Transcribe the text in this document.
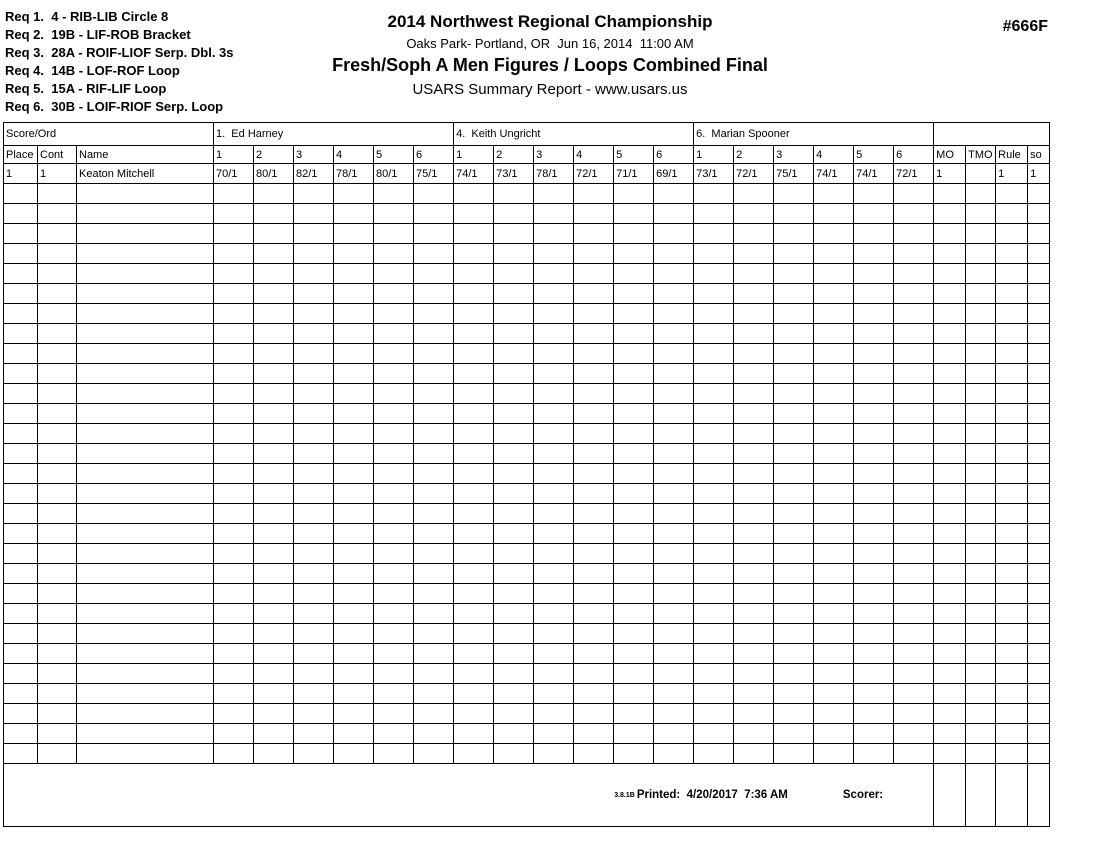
Req 1.  4 - RIB-LIB Circle 8
Req 2.  19B - LIF-ROB Bracket
Req 3.  28A - ROIF-LIOF Serp. Dbl. 3s
Req 4.  14B - LOF-ROF Loop
Req 5.  15A - RIF-LIF Loop
Req 6.  30B - LOIF-RIOF Serp. Loop
2014 Northwest Regional Championship
Oaks Park- Portland, OR  Jun 16, 2014  11:00 AM
Fresh/Soph A Men Figures / Loops Combined Final
USARS Summary Report - www.usars.us
#666F
Score/Ord			1.  Ed Harney						4.  Keith Ungricht						6.  Marian Spooner									
Place	Cont	Name	1	2	3	4	5	6	1	2	3	4	5	6	1	2	3	4	5	6	MO	TMO	Rule	so
1	1	Keaton Mitchell	70/1	80/1	82/1	78/1	80/1	75/1	74/1	73/1	78/1	72/1	71/1	69/1	73/1	72/1	75/1	74/1	74/1	72/1	1		1	1

3.8.1B Printed:  4/20/2017  7:36 AM Scorer:																								
